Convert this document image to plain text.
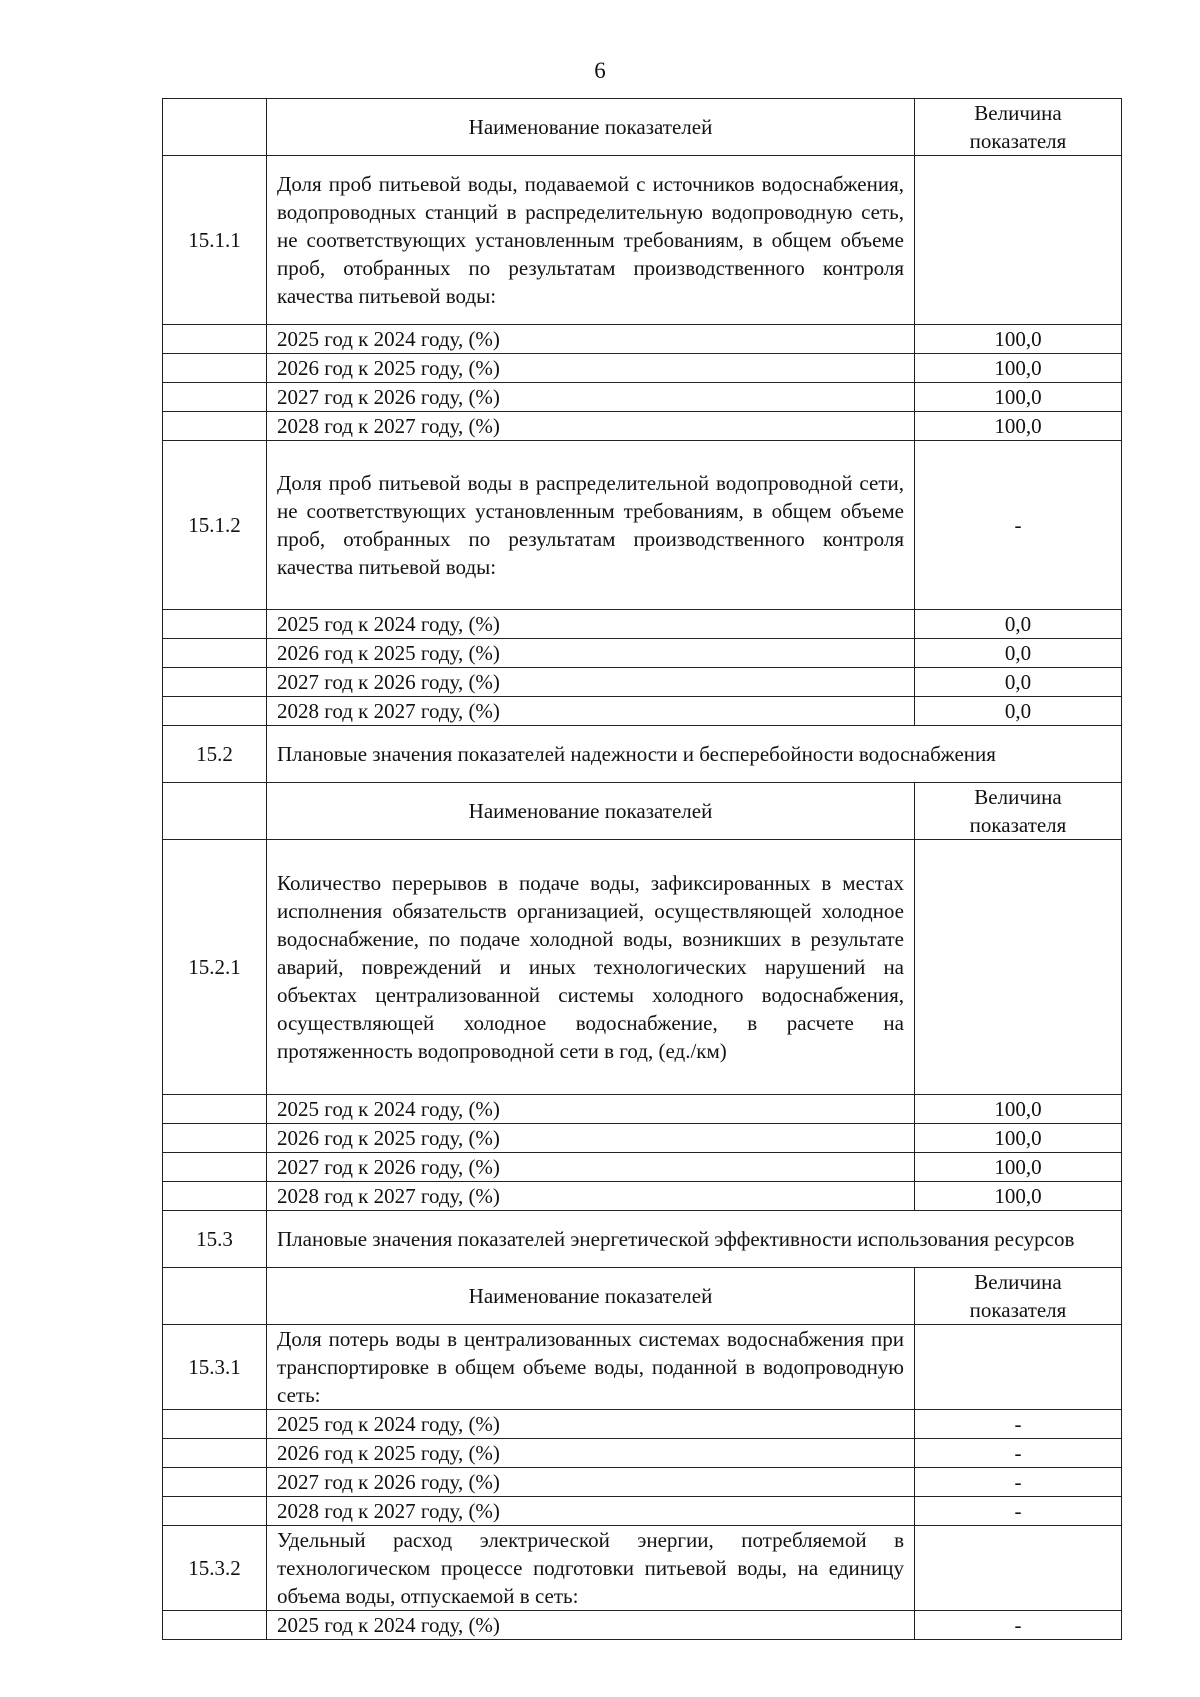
6
	Наименование показателей	Величина показателя
15.1.1	Доля проб питьевой воды, подаваемой с источников водоснабжения, водопроводных станций в распределительную водопроводную сеть, не соответствующих установленным требованиям, в общем объеме проб, отобранных по результатам производственного контроля качества питьевой воды:	
	2025 год к 2024 году, (%)	100,0
	2026 год к 2025 году, (%)	100,0
	2027 год к 2026 году, (%)	100,0
	2028 год к 2027 году, (%)	100,0
15.1.2	Доля проб питьевой воды в распределительной водопроводной сети, не соответствующих установленным требованиям, в общем объеме проб, отобранных по результатам производственного контроля качества питьевой воды:	-
	2025 год к 2024 году, (%)	0,0
	2026 год к 2025 году, (%)	0,0
	2027 год к 2026 году, (%)	0,0
	2028 год к 2027 году, (%)	0,0
15.2	Плановые значения показателей надежности и бесперебойности водоснабжения	
	Наименование показателей	Величина показателя
15.2.1	Количество перерывов в подаче воды, зафиксированных в местах исполнения обязательств организацией, осуществляющей холодное водоснабжение, по подаче холодной воды, возникших в результате аварий, повреждений и иных технологических нарушений на объектах централизованной системы холодного водоснабжения, осуществляющей холодное водоснабжение, в расчете на протяженность водопроводной сети в год, (ед./км)	
	2025 год к 2024 году, (%)	100,0
	2026 год к 2025 году, (%)	100,0
	2027 год к 2026 году, (%)	100,0
	2028 год к 2027 году, (%)	100,0
15.3	Плановые значения показателей энергетической эффективности использования ресурсов	
	Наименование показателей	Величина показателя
15.3.1	Доля потерь воды в централизованных системах водоснабжения при транспортировке в общем объеме воды, поданной в водопроводную сеть:	
	2025 год к 2024 году, (%)	-
	2026 год к 2025 году, (%)	-
	2027 год к 2026 году, (%)	-
	2028 год к 2027 году, (%)	-
15.3.2	Удельный расход электрической энергии, потребляемой в технологическом процессе подготовки питьевой воды, на единицу объема воды, отпускаемой в сеть:	
	2025 год к 2024 году, (%)	-
